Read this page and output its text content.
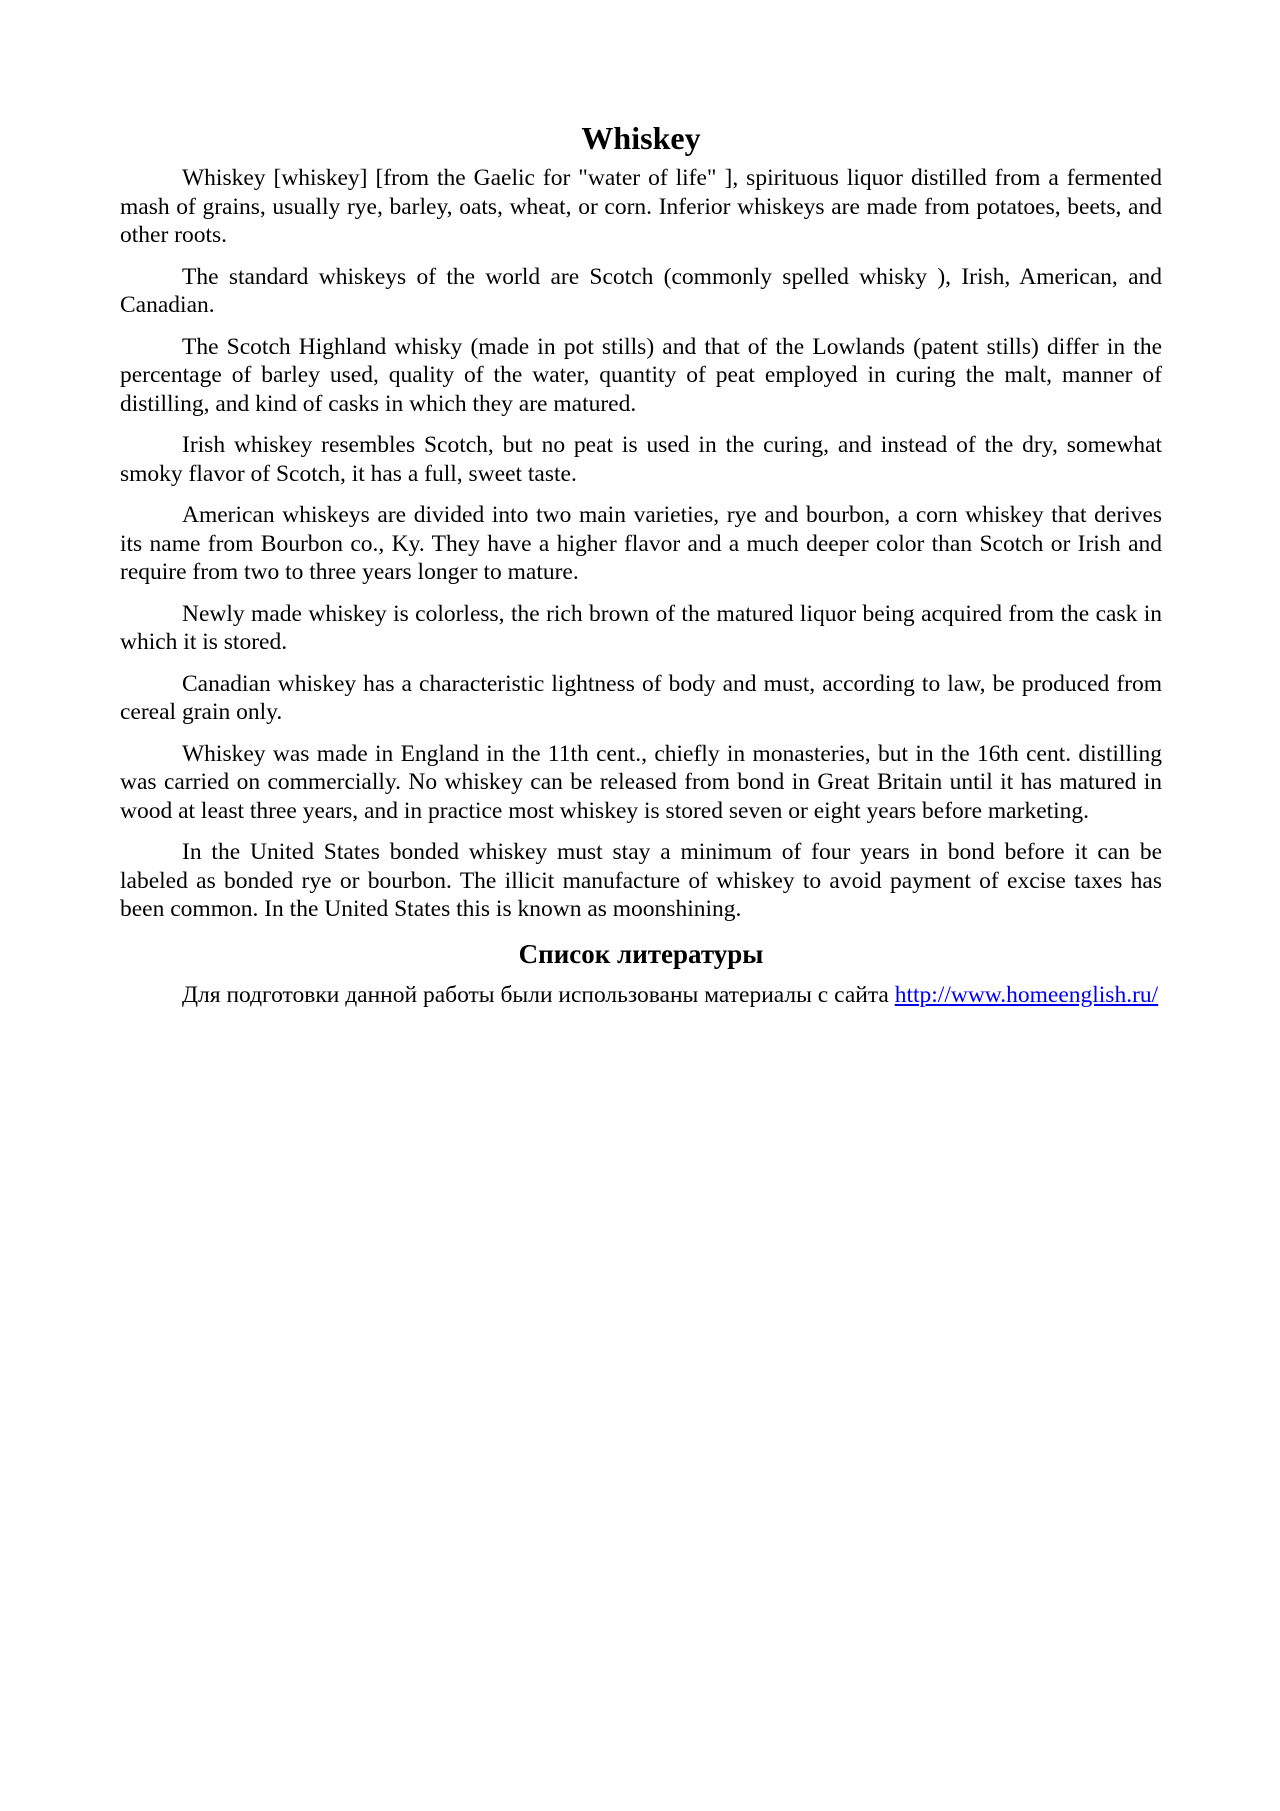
Whiskey

Whiskey [whiskey] [from the Gaelic for "water of life" ], spirituous liquor distilled from a fermented mash of grains, usually rye, barley, oats, wheat, or corn. Inferior whiskeys are made from potatoes, beets, and other roots.

The standard whiskeys of the world are Scotch (commonly spelled whisky ), Irish, American, and Canadian.

The Scotch Highland whisky (made in pot stills) and that of the Lowlands (patent stills) differ in the percentage of barley used, quality of the water, quantity of peat employed in curing the malt, manner of distilling, and kind of casks in which they are matured.

Irish whiskey resembles Scotch, but no peat is used in the curing, and instead of the dry, somewhat smoky flavor of Scotch, it has a full, sweet taste.

American whiskeys are divided into two main varieties, rye and bourbon, a corn whiskey that derives its name from Bourbon co., Ky. They have a higher flavor and a much deeper color than Scotch or Irish and require from two to three years longer to mature.

Newly made whiskey is colorless, the rich brown of the matured liquor being acquired from the cask in which it is stored.

Canadian whiskey has a characteristic lightness of body and must, according to law, be produced from cereal grain only.

Whiskey was made in England in the 11th cent., chiefly in monasteries, but in the 16th cent. distilling was carried on commercially. No whiskey can be released from bond in Great Britain until it has matured in wood at least three years, and in practice most whiskey is stored seven or eight years before marketing.

In the United States bonded whiskey must stay a minimum of four years in bond before it can be labeled as bonded rye or bourbon. The illicit manufacture of whiskey to avoid payment of excise taxes has been common. In the United States this is known as moonshining.

Список литературы

Для подготовки данной работы были использованы материалы с сайта http://www.homeenglish.ru/
